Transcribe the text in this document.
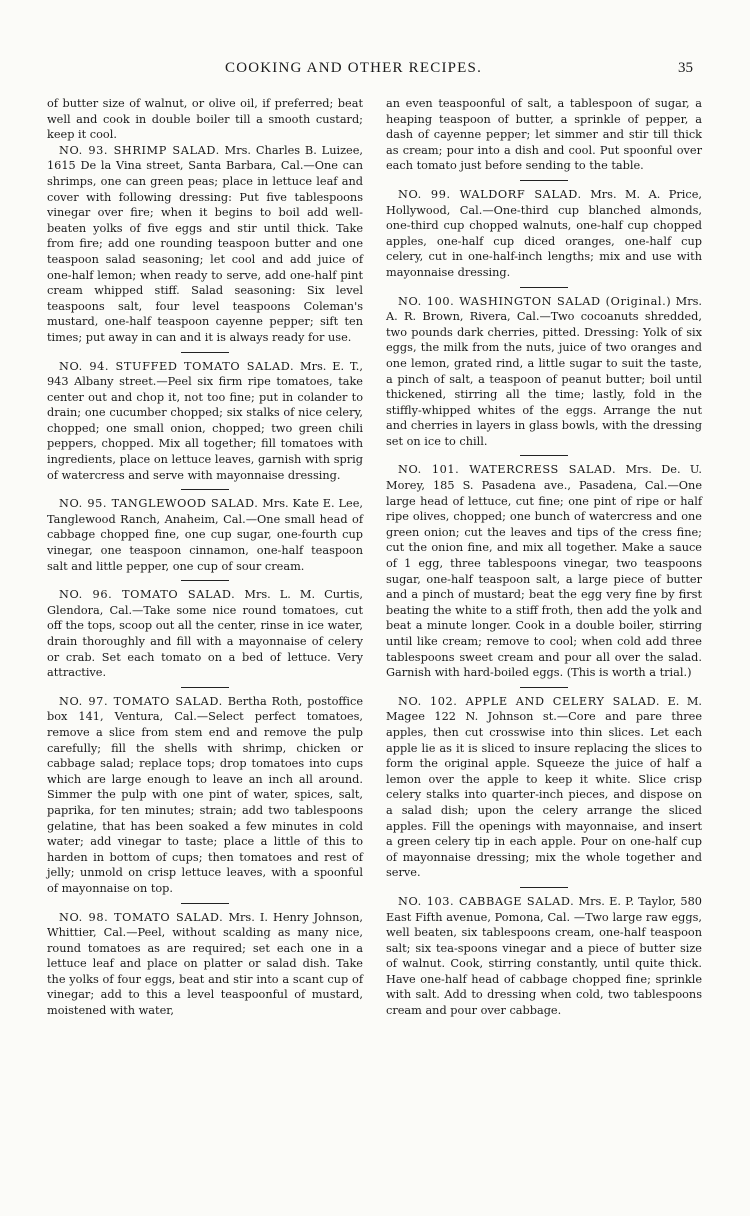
COOKING AND OTHER RECIPES.	35

of butter size of walnut, or olive oil, if preferred; beat well and cook in double boiler till a smooth custard; keep it cool.

NO. 93. SHRIMP SALAD. Mrs. Charles B. Luizee, 1615 De la Vina street, Santa Barbara, Cal.—One can shrimps, one can green peas; place in lettuce leaf and cover with following dressing: Put five tablespoons vinegar over fire; when it begins to boil add well-beaten yolks of five eggs and stir until thick. Take from fire; add one rounding teaspoon butter and one teaspoon salad seasoning; let cool and add juice of one-half lemon; when ready to serve, add one-half pint cream whipped stiff. Salad seasoning: Six level teaspoons salt, four level teaspoons Coleman's mustard, one-half teaspoon cayenne pepper; sift ten times; put away in can and it is always ready for use.

NO. 94. STUFFED TOMATO SALAD. Mrs. E. T., 943 Albany street.—Peel six firm ripe tomatoes, take center out and chop it, not too fine; put in colander to drain; one cucumber chopped; six stalks of nice celery, chopped; one small onion, chopped; two green chili peppers, chopped. Mix all together; fill tomatoes with ingredients, place on lettuce leaves, garnish with sprig of watercress and serve with mayonnaise dressing.

NO. 95. TANGLEWOOD SALAD. Mrs. Kate E. Lee, Tanglewood Ranch, Anaheim, Cal.—One small head of cabbage chopped fine, one cup sugar, one-fourth cup vinegar, one teaspoon cinnamon, one-half teaspoon salt and little pepper, one cup of sour cream.

NO. 96. TOMATO SALAD. Mrs. L. M. Curtis, Glendora, Cal.—Take some nice round tomatoes, cut off the tops, scoop out all the center, rinse in ice water, drain thoroughly and fill with a mayonnaise of celery or crab. Set each tomato on a bed of lettuce. Very attractive.

NO. 97. TOMATO SALAD. Bertha Roth, postoffice box 141, Ventura, Cal.—Select perfect tomatoes, remove a slice from stem end and remove the pulp carefully; fill the shells with shrimp, chicken or cabbage salad; replace tops; drop tomatoes into cups which are large enough to leave an inch all around. Simmer the pulp with one pint of water, spices, salt, paprika, for ten minutes; strain; add two tablespoons gelatine, that has been soaked a few minutes in cold water; add vinegar to taste; place a little of this to harden in bottom of cups; then tomatoes and rest of jelly; unmold on crisp lettuce leaves, with a spoonful of mayonnaise on top.

NO. 98. TOMATO SALAD. Mrs. I. Henry Johnson, Whittier, Cal.—Peel, without scalding as many nice, round tomatoes as are required; set each one in a lettuce leaf and place on platter or salad dish. Take the yolks of four eggs, beat and stir into a scant cup of vinegar; add to this a level teaspoonful of mustard, moistened with water,

an even teaspoonful of salt, a tablespoon of sugar, a heaping teaspoon of butter, a sprinkle of pepper, a dash of cayenne pepper; let simmer and stir till thick as cream; pour into a dish and cool. Put spoonful over each tomato just before sending to the table.

NO. 99. WALDORF SALAD. Mrs. M. A. Price, Hollywood, Cal.—One-third cup blanched almonds, one-third cup chopped walnuts, one-half cup chopped apples, one-half cup diced oranges, one-half cup celery, cut in one-half-inch lengths; mix and use with mayonnaise dressing.

NO. 100. WASHINGTON SALAD (Original.) Mrs. A. R. Brown, Rivera, Cal.—Two cocoanuts shredded, two pounds dark cherries, pitted. Dressing: Yolk of six eggs, the milk from the nuts, juice of two oranges and one lemon, grated rind, a little sugar to suit the taste, a pinch of salt, a teaspoon of peanut butter; boil until thickened, stirring all the time; lastly, fold in the stiffly-whipped whites of the eggs. Arrange the nut and cherries in layers in glass bowls, with the dressing set on ice to chill.

NO. 101. WATERCRESS SALAD. Mrs. De. U. Morey, 185 S. Pasadena ave., Pasadena, Cal.—One large head of lettuce, cut fine; one pint of ripe or half ripe olives, chopped; one bunch of watercress and one green onion; cut the leaves and tips of the cress fine; cut the onion fine, and mix all together. Make a sauce of 1 egg, three tablespoons vinegar, two teaspoons sugar, one-half teaspoon salt, a large piece of butter and a pinch of mustard; beat the egg very fine by first beating the white to a stiff froth, then add the yolk and beat a minute longer. Cook in a double boiler, stirring until like cream; remove to cool; when cold add three tablespoons sweet cream and pour all over the salad. Garnish with hard-boiled eggs. (This is worth a trial.)

NO. 102. APPLE AND CELERY SALAD. E. M. Magee 122 N. Johnson st.—Core and pare three apples, then cut crosswise into thin slices. Let each apple lie as it is sliced to insure replacing the slices to form the original apple. Squeeze the juice of half a lemon over the apple to keep it white. Slice crisp celery stalks into quarter-inch pieces, and dispose on a salad dish; upon the celery arrange the sliced apples. Fill the openings with mayonnaise, and insert a green celery tip in each apple. Pour on one-half cup of mayonnaise dressing; mix the whole together and serve.

NO. 103. CABBAGE SALAD. Mrs. E. P. Taylor, 580 East Fifth avenue, Pomona, Cal. —Two large raw eggs, well beaten, six tablespoons cream, one-half teaspoon salt; six tea-spoons vinegar and a piece of butter size of walnut. Cook, stirring constantly, until quite thick. Have one-half head of cabbage chopped fine; sprinkle with salt. Add to dressing when cold, two tablespoons cream and pour over cabbage.
